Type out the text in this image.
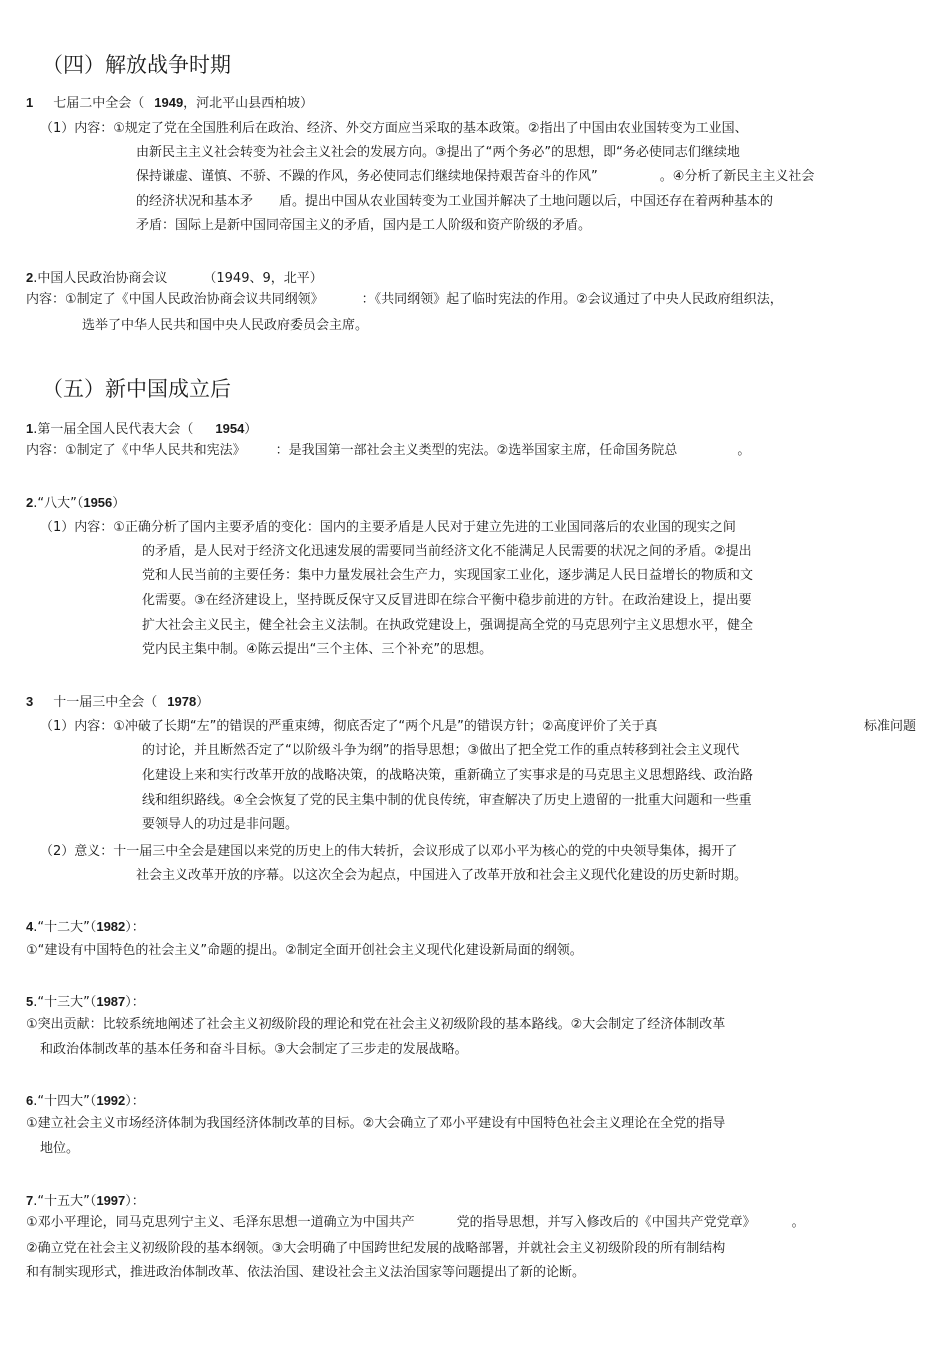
（四）解放战争时期

1 七届二中全会（ 1949，河北平山县西柏坡）

（1）内容：①规定了党在全国胜利后在政治、经济、外交方面应当采取的基本政策。②指出了中国由农业国转变为工业国、

由新民主主义社会转变为社会主义社会的发展方向。③提出了“两个务必”的思想，即“务必使同志们继续地

保持谦虚、谨慎、不骄、不躁的作风，务必使同志们继续地保持艰苦奋斗的作风”	。④分析了新民主主义社会

的经济状况和基本矛 盾。提出中国从农业国转变为工业国并解决了土地问题以后，中国还存在着两种基本的

矛盾：国际上是新中国同帝国主义的矛盾，国内是工人阶级和资产阶级的矛盾。

2.中国人民政治协商会议	（1949、9，北平）

内容：①制定了《中国人民政治协商会议共同纲领》	：《共同纲领》起了临时宪法的作用。②会议通过了中央人民政府组织法，

选举了中华人民共和国中央人民政府委员会主席。

（五）新中国成立后

1.第一届全国人民代表大会（ 1954）

内容：①制定了《中华人民共和宪法》 ：是我国第一部社会主义类型的宪法。②选举国家主席，任命国务院总	。

2.“八大”（1956）

（1）内容：①正确分析了国内主要矛盾的变化：国内的主要矛盾是人民对于建立先进的工业国同落后的农业国的现实之间

的矛盾，是人民对于经济文化迅速发展的需要同当前经济文化不能满足人民需要的状况之间的矛盾。②提出

党和人民当前的主要任务：集中力量发展社会生产力，实现国家工业化，逐步满足人民日益增长的物质和文

化需要。③在经济建设上，坚持既反保守又反冒进即在综合平衡中稳步前进的方针。在政治建设上，提出要

扩大社会主义民主，健全社会主义法制。在执政党建设上，强调提高全党的马克思列宁主义思想水平，健全

党内民主集中制。④陈云提出“三个主体、三个补充”的思想。

3 十一届三中全会（ 1978）

（1）内容：①冲破了长期“左”的错误的严重束缚，彻底否定了“两个凡是”的错误方针；②高度评价了关于真	标准问题

的讨论，并且断然否定了“以阶级斗争为纲”的指导思想；③做出了把全党工作的重点转移到社会主义现代

化建设上来和实行改革开放的战略决策，的战略决策，重新确立了实事求是的马克思主义思想路线、政治路

线和组织路线。④全会恢复了党的民主集中制的优良传统，审查解决了历史上遗留的一批重大问题和一些重

要领导人的功过是非问题。

（2）意义：十一届三中全会是建国以来党的历史上的伟大转折，会议形成了以邓小平为核心的党的中央领导集体，揭开了

社会主义改革开放的序幕。以这次全会为起点，中国进入了改革开放和社会主义现代化建设的历史新时期。

4.“十二大”（1982）：

①“建设有中国特色的社会主义”命题的提出。②制定全面开创社会主义现代化建设新局面的纲领。

5.“十三大”（1987）：

①突出贡献：比较系统地阐述了社会主义初级阶段的理论和党在社会主义初级阶段的基本路线。②大会制定了经济体制改革

和政治体制改革的基本任务和奋斗目标。③大会制定了三步走的发展战略。

6.“十四大”（1992）：

①建立社会主义市场经济体制为我国经济体制改革的目标。②大会确立了邓小平建设有中国特色社会主义理论在全党的指导

地位。

7.“十五大”（1997）：

①邓小平理论，同马克思列宁主义、毛泽东思想一道确立为中国共产	党的指导思想，并写入修改后的《中国共产党党章》	。

②确立党在社会主义初级阶段的基本纲领。③大会明确了中国跨世纪发展的战略部署，并就社会主义初级阶段的所有制结构

和有制实现形式，推进政治体制改革、依法治国、建设社会主义法治国家等问题提出了新的论断。
